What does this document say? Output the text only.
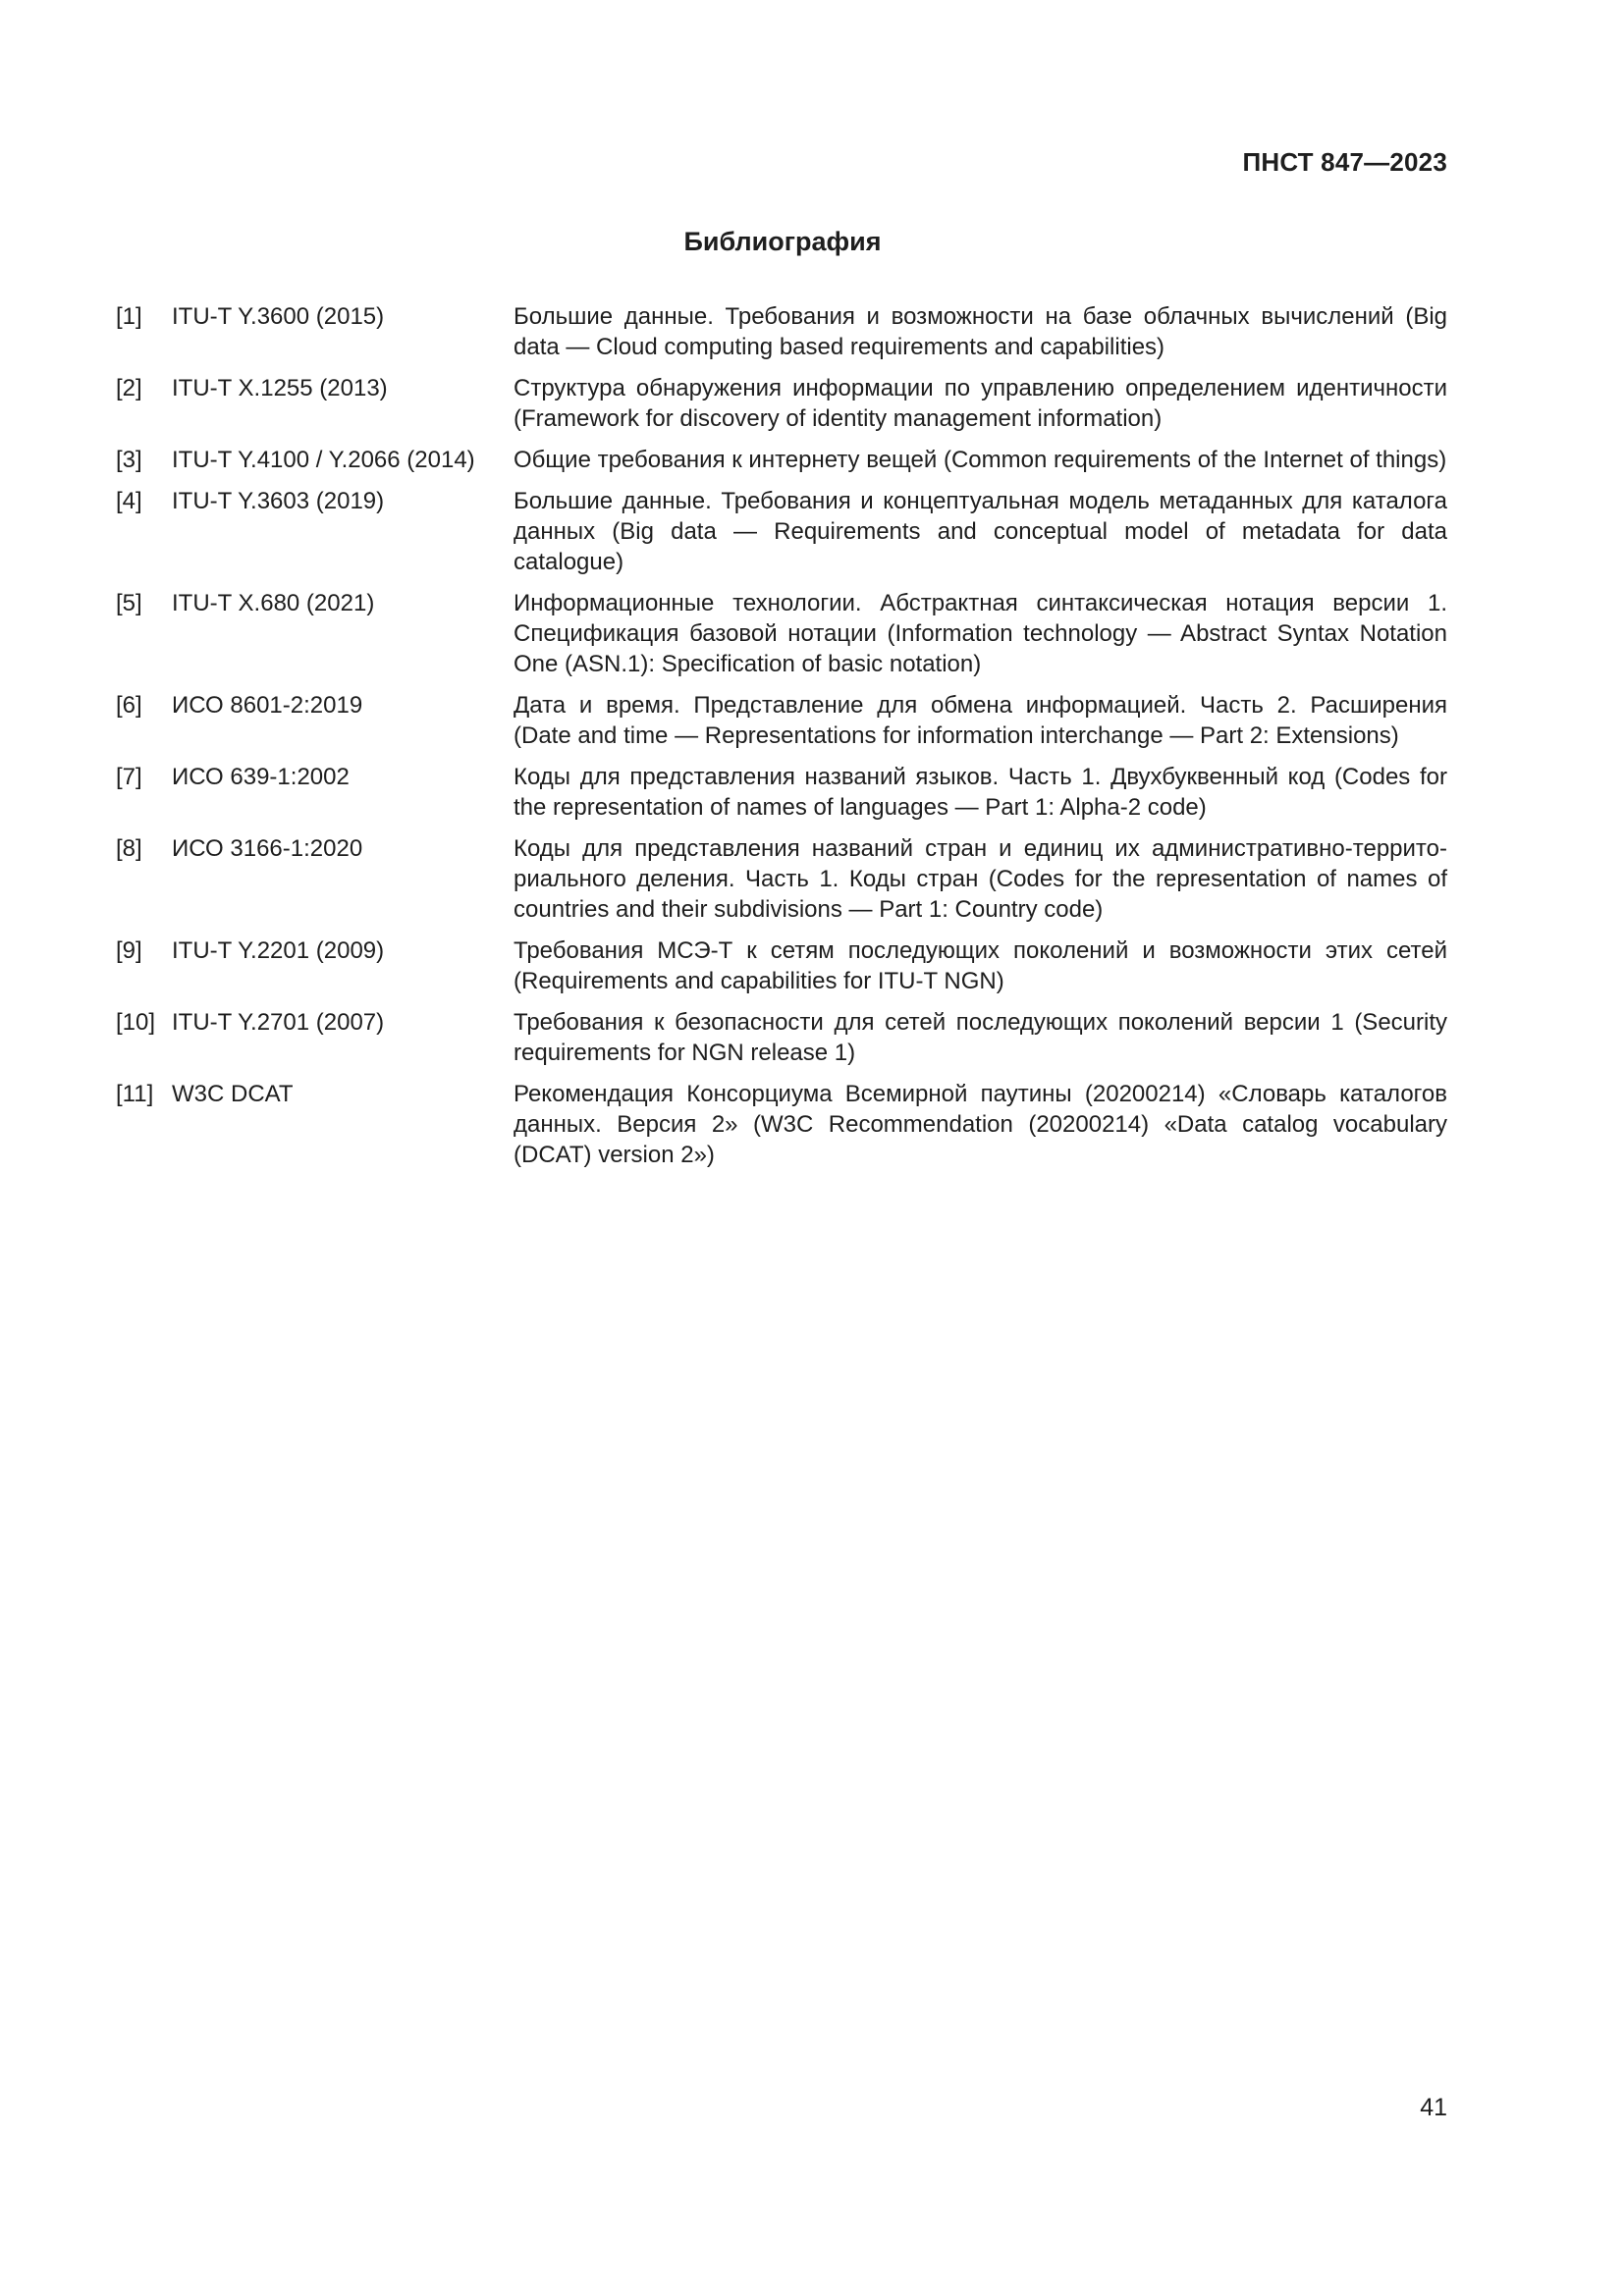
ПНСТ 847—2023

Библиография
[1]	ITU-T Y.3600 (2015)	Большие данные. Требования и возможности на базе облачных вычислений (Big data — Cloud computing based requirements and capabilities)
[2]	ITU-T X.1255 (2013)	Структура обнаружения информации по управлению определением идентичности (Framework for discovery of identity management information)
[3]	ITU-T Y.4100 / Y.2066 (2014)	Общие требования к интернету вещей (Common requirements of the Internet of things)
[4]	ITU-T Y.3603 (2019)	Большие данные. Требования и концептуальная модель метаданных для каталога данных (Big data — Requirements and conceptual model of metadata for data catalogue)
[5]	ITU-T X.680 (2021)	Информационные технологии. Абстрактная синтаксическая нотация версии 1. Спецификация базовой нотации (Information technology — Abstract Syntax Notation One (ASN.1): Specification of basic notation)
[6]	ИСО 8601-2:2019	Дата и время. Представление для обмена информацией. Часть 2. Расширения (Date and time — Representations for information interchange — Part 2: Extensions)
[7]	ИСО 639-1:2002	Коды для представления названий языков. Часть 1. Двухбуквенный код (Codes for the representation of names of languages — Part 1: Alpha-2 code)
[8]	ИСО 3166-1:2020	Коды для представления названий стран и единиц их административно-территориального деления. Часть 1. Коды стран (Codes for the representation of names of countries and their subdivisions — Part 1: Country code)
[9]	ITU-T Y.2201 (2009)	Требования МСЭ-Т к сетям последующих поколений и возможности этих сетей (Requirements and capabilities for ITU-T NGN)
[10] ITU-T Y.2701 (2007)	Требования к безопасности для сетей последующих поколений версии 1 (Security requirements for NGN release 1)
[11] W3C DCAT	Рекомендация Консорциума Всемирной паутины (20200214) «Словарь каталогов данных. Версия 2» (W3C Recommendation (20200214) «Data catalog vocabulary (DCAT) version 2»)

41
